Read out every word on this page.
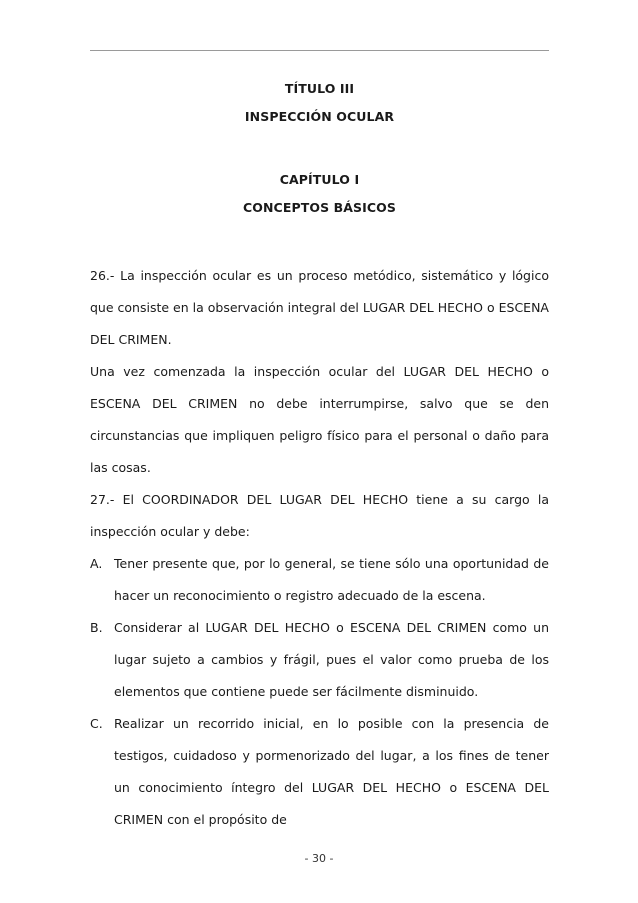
TÍTULO III
INSPECCIÓN OCULAR
CAPÍTULO I
CONCEPTOS BÁSICOS

26.- La inspección ocular es un proceso metódico, sistemático y lógico que consiste en la observación integral del LUGAR DEL HECHO o ESCENA DEL CRIMEN.

Una vez comenzada la inspección ocular del LUGAR DEL HECHO o ESCENA DEL CRIMEN no debe interrumpirse, salvo que se den circunstancias que impliquen peligro físico para el personal o daño para las cosas.

27.- El COORDINADOR DEL LUGAR DEL HECHO tiene a su cargo la inspección ocular y debe:

A. Tener presente que, por lo general, se tiene sólo una oportunidad de hacer un reconocimiento o registro adecuado de la escena.

B. Considerar al LUGAR DEL HECHO o ESCENA DEL CRIMEN como un lugar sujeto a cambios y frágil, pues el valor como prueba de los elementos que contiene puede ser fácilmente disminuido.

C. Realizar un recorrido inicial, en lo posible con la presencia de testigos, cuidadoso y pormenorizado del lugar, a los fines de tener un conocimiento íntegro del LUGAR DEL HECHO o ESCENA DEL CRIMEN con el propósito de

- 30 -
